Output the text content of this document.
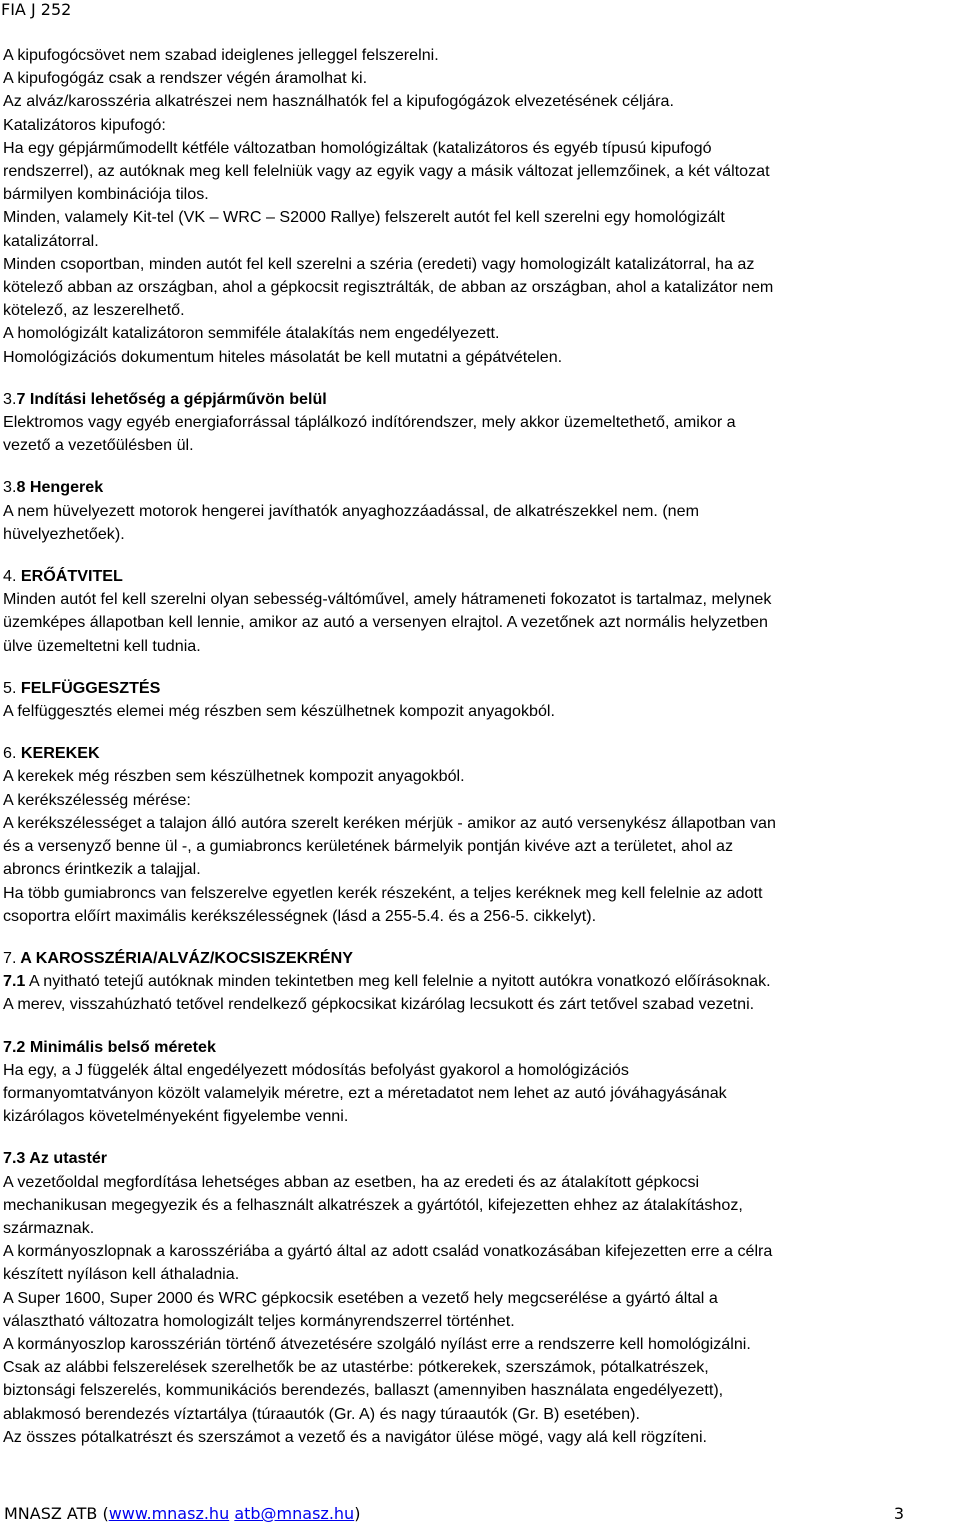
FIA J 252
A kipufogócsövet nem szabad ideiglenes jelleggel felszerelni.
A kipufogógáz csak a rendszer végén áramolhat ki.
Az alváz/karosszéria alkatrészei nem használhatók fel a kipufogógázok elvezetésének céljára.
Katalizátoros kipufogó:
Ha egy gépjárműmodellt kétféle változatban homológizáltak (katalizátoros és egyéb típusú kipufogó
rendszerrel), az autóknak meg kell felelniük vagy az egyik vagy a másik változat jellemzőinek, a két változat
bármilyen kombinációja tilos.
Minden, valamely Kit-tel (VK – WRC – S2000 Rallye) felszerelt autót fel kell szerelni egy homológizált
katalizátorral.
Minden csoportban, minden autót fel kell szerelni a széria (eredeti) vagy homologizált katalizátorral, ha az
kötelező abban az országban, ahol a gépkocsit regisztrálták, de abban az országban, ahol a katalizátor nem
kötelező, az leszerelhető.
A homológizált katalizátoron semmiféle átalakítás nem engedélyezett.
Homológizációs dokumentum hiteles másolatát be kell mutatni a gépátvételen.
3.7 Indítási lehetőség a gépjárművön belül
Elektromos vagy egyéb energiaforrással táplálkozó indítórendszer, mely akkor üzemeltethető, amikor a
vezető a vezetőülésben ül.
3.8 Hengerek
A nem hüvelyezett motorok hengerei javíthatók anyaghozzáadással, de alkatrészekkel nem. (nem
hüvelyezhetőek).
4. ERŐÁTVITEL
Minden autót fel kell szerelni olyan sebesség-váltóművel, amely hátrameneti fokozatot is tartalmaz, melynek
üzemképes állapotban kell lennie, amikor az autó a versenyen elrajtol. A vezetőnek azt normális helyzetben
ülve üzemeltetni kell tudnia.
5. FELFÜGGESZTÉS
A felfüggesztés elemei még részben sem készülhetnek kompozit anyagokból.
6. KEREKEK
A kerekek még részben sem készülhetnek kompozit anyagokból.
A kerékszélesség mérése:
A kerékszélességet a talajon álló autóra szerelt keréken mérjük - amikor az autó versenykész állapotban van
és a versenyző benne ül -, a gumiabroncs kerületének bármelyik pontján kivéve azt a területet, ahol az
abroncs érintkezik a talajjal.
Ha több gumiabroncs van felszerelve egyetlen kerék részeként, a teljes keréknek meg kell felelnie az adott
csoportra előírt maximális kerékszélességnek (lásd a 255-5.4. és a 256-5. cikkelyt).
7. A KAROSSZÉRIA/ALVÁZ/KOCSISZEKRÉNY
7.1 A nyitható tetejű autóknak minden tekintetben meg kell felelnie a nyitott autókra vonatkozó előírásoknak.
A merev, visszahúzható tetővel rendelkező gépkocsikat kizárólag lecsukott és zárt tetővel szabad vezetni.
7.2 Minimális belső méretek
Ha egy, a J függelék által engedélyezett módosítás befolyást gyakorol a homológizációs
formanyomtatványon közölt valamelyik méretre, ezt a méretadatot nem lehet az autó jóváhagyásának
kizárólagos követelményeként figyelembe venni.
7.3 Az utastér
A vezetőoldal megfordítása lehetséges abban az esetben, ha az eredeti és az átalakított gépkocsi
mechanikusan megegyezik és a felhasznált alkatrészek a gyártótól, kifejezetten ehhez az átalakításhoz,
származnak.
A kormányoszlopnak a karosszériába a gyártó által az adott család vonatkozásában kifejezetten erre a célra
készített nyíláson kell áthaladnia.
A Super 1600, Super 2000 és WRC gépkocsik esetében a vezető hely megcserélése a gyártó által a
választható változatra homologizált teljes kormányrendszerrel történhet.
A kormányoszlop karosszérián történő átvezetésére szolgáló nyílást erre a rendszerre kell homológizálni.
Csak az alábbi felszerelések szerelhetők be az utastérbe: pótkerekek, szerszámok, pótalkatrészek,
biztonsági felszerelés, kommunikációs berendezés, ballaszt (amennyiben használata engedélyezett),
ablakmosó berendezés víztartálya (túraautók (Gr. A) és nagy túraautók (Gr. B) esetében).
Az összes pótalkatrészt és szerszámot a vezető és a navigátor ülése mögé, vagy alá kell rögzíteni.
MNASZ ATB (www.mnasz.hu atb@mnasz.hu)	3
